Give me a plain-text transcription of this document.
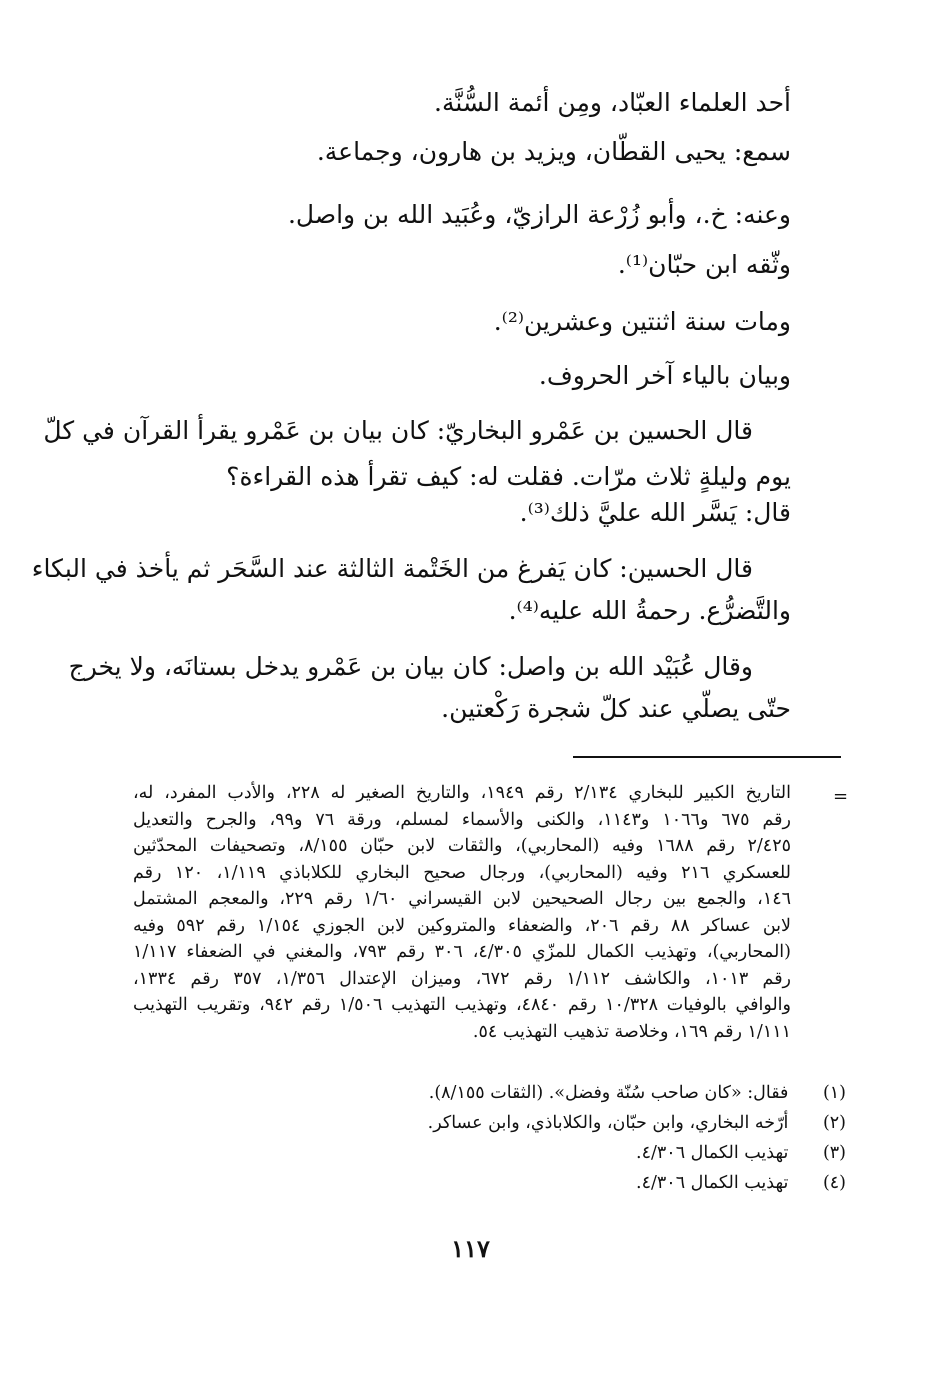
أحد العلماء العبّاد، ومِن أئمة السُّنَّة.
سمع: يحيى القطّان، ويزيد بن هارون، وجماعة.
وعنه: خ.، وأبو زُرْعة الرازيّ، وعُبَيد الله بن واصل.
وثّقه ابن حبّان⁽¹⁾.
ومات سنة اثنتين وعشرين⁽²⁾.
وبيان بالياء آخر الحروف.
قال الحسين بن عَمْرو البخاريّ: كان بيان بن عَمْرو يقرأ القرآن في كلّ
يوم وليلةٍ ثلاث مرّات. فقلت له: كيف تقرأ هذه القراءة؟
قال: يَسَّر الله عليَّ ذلك⁽³⁾.
قال الحسين: كان يَفرغ من الخَتْمة الثالثة عند السَّحَر ثم يأخذ في البكاء
والتَّضرُّع. رحمةُ الله عليه⁽⁴⁾.
وقال عُبَيْد الله بن واصل: كان بيان بن عَمْرو يدخل بستانَه، ولا يخرج
حتّى يصلّي عند كلّ شجرة رَكْعتين.
=
التاريخ الكبير للبخاري ٢/١٣٤ رقم ١٩٤٩، والتاريخ الصغير له ٢٢٨، والأدب المفرد، له،
رقم ٦٧٥ و١٠٦٦ و١١٤٣، والكنى والأسماء لمسلم، ورقة ٧٦ و٩٩، والجرح والتعديل
٢/٤٢٥ رقم ١٦٨٨ وفيه (المحاربي)، والثقات لابن حبّان ٨/١٥٥، وتصحيفات المحدّثين
للعسكري ٢١٦ وفيه (المحاربي)، ورجال صحيح البخاري للكلاباذي ١/١١٩، ١٢٠ رقم
١٤٦، والجمع بين رجال الصحيحين لابن القيسراني ١/٦٠ رقم ٢٢٩، والمعجم المشتمل
لابن عساكر ٨٨ رقم ٢٠٦، والضعفاء والمتروكين لابن الجوزي ١/١٥٤ رقم ٥٩٢ وفيه
(المحاربي)، وتهذيب الكمال للمزّي ٤/٣٠٥، ٣٠٦ رقم ٧٩٣، والمغني في الضعفاء ١/١١٧
رقم ١٠١٣، والكاشف ١/١١٢ رقم ٦٧٢، وميزان الإعتدال ١/٣٥٦، ٣٥٧ رقم ١٣٣٤،
والوافي بالوفيات ١٠/٣٢٨ رقم ٤٨٤٠، وتهذيب التهذيب ١/٥٠٦ رقم ٩٤٢، وتقريب التهذيب
١/١١١ رقم ١٦٩، وخلاصة تذهيب التهذيب ٥٤.
(١) فقال: «كان صاحب سُنّة وفضل». (الثقات ٨/١٥٥).
(٢) أرّخه البخاري، وابن حبّان، والكلاباذي، وابن عساكر.
(٣) تهذيب الكمال ٤/٣٠٦.
(٤) تهذيب الكمال ٤/٣٠٦.
١١٧
